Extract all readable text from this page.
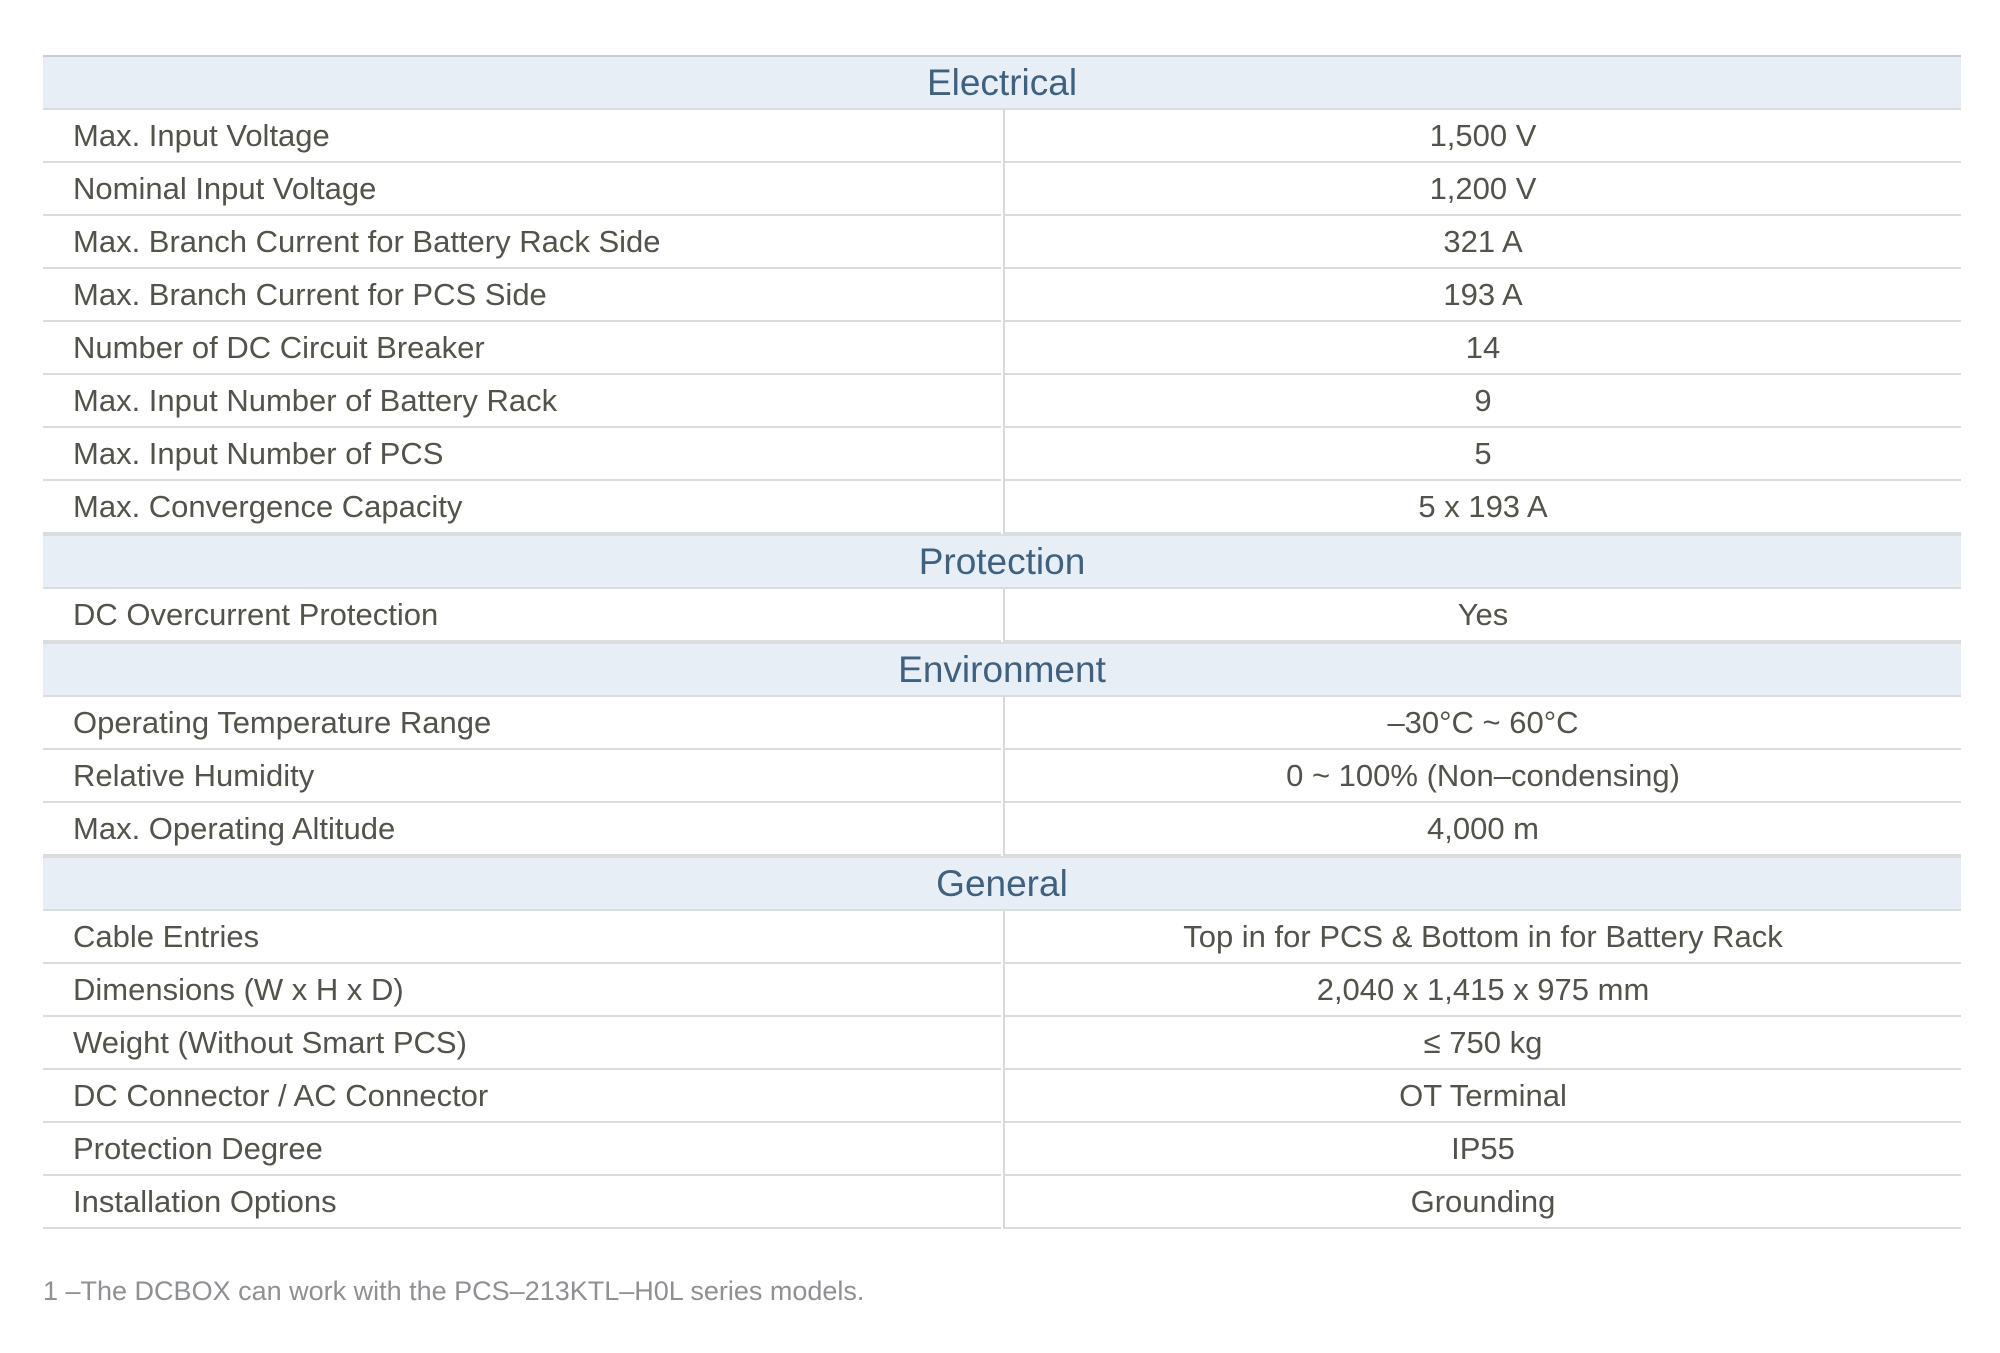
Electrical	
Max. Input Voltage	1,500 V
Nominal Input Voltage	1,200 V
Max. Branch Current for Battery Rack Side	321 A
Max. Branch Current for PCS Side	193 A
Number of DC Circuit Breaker	14
Max. Input Number of Battery Rack	9
Max. Input Number of PCS	5
Max. Convergence Capacity	5 x 193 A
Protection	
DC Overcurrent Protection	Yes
Environment	
Operating Temperature Range	–30°C ~ 60°C
Relative Humidity	0 ~ 100% (Non–condensing)
Max. Operating Altitude	4,000 m
General	
Cable Entries	Top in for PCS & Bottom in for Battery Rack
Dimensions (W x H x D)	2,040 x 1,415 x 975 mm
Weight (Without Smart PCS)	≤ 750 kg
DC Connector / AC Connector	OT Terminal
Protection Degree	IP55
Installation Options	Grounding
1 –The DCBOX can work with the PCS–213KTL–H0L series models.
